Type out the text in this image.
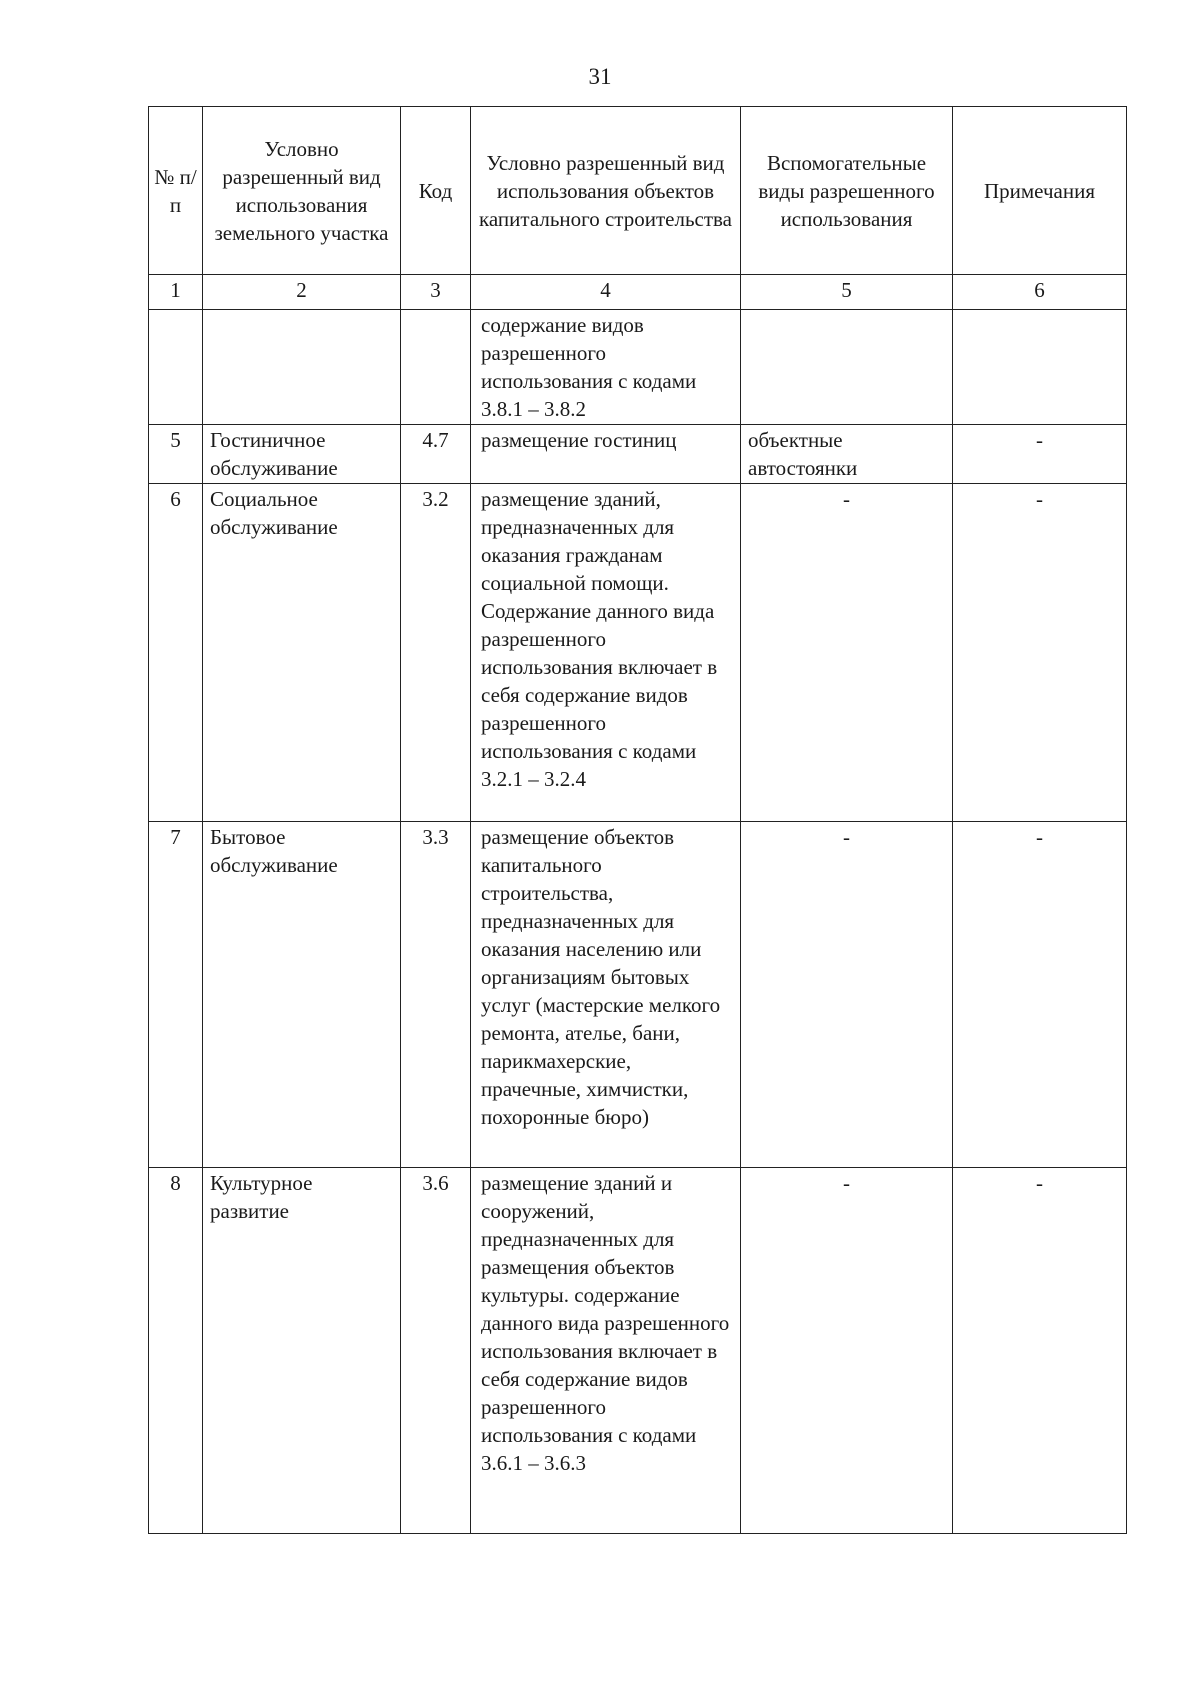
31
№ п/п	Условно разрешенный вид использования земельного участка	Код	Условно разрешенный вид использования объектов капитального строительства	Вспомогательные виды разрешенного использования	Примечания
1	2	3	4	5	6
			содержание видов разрешенного использования с кодами 3.8.1 – 3.8.2		
5	Гостиничное обслуживание	4.7	размещение гостиниц	объектные автостоянки	-
6	Социальное обслуживание	3.2	размещение зданий, предназначенных для оказания гражданам социальной помощи. Содержание данного вида разрешенного использования включает в себя содержание видов разрешенного использования с кодами 3.2.1 – 3.2.4	-	-
7	Бытовое обслуживание	3.3	размещение объектов капитального строительства, предназначенных для оказания населению или организациям бытовых услуг (мастерские мелкого ремонта, ателье, бани, парикмахерские, прачечные, химчистки, похоронные бюро)	-	-
8	Культурное развитие	3.6	размещение зданий и сооружений, предназначенных для размещения объектов культуры. содержание данного вида разрешенного использования включает в себя содержание видов разрешенного использования с кодами 3.6.1 – 3.6.3	-	-
